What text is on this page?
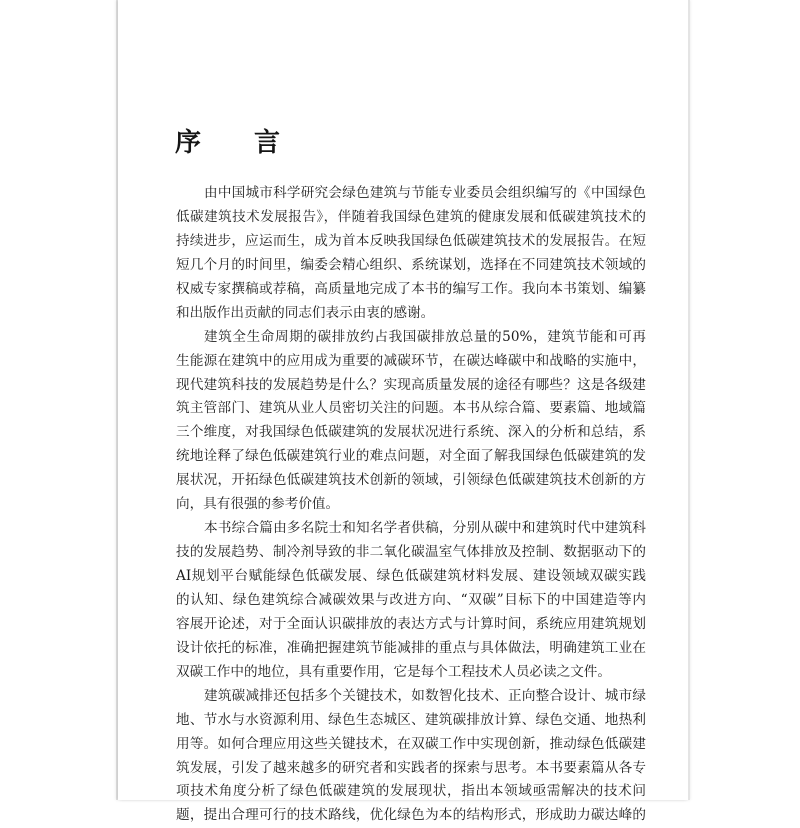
序 言
由中国城市科学研究会绿色建筑与节能专业委员会组织编写的《中国绿色
低碳建筑技术发展报告》，伴随着我国绿色建筑的健康发展和低碳建筑技术的
持续进步，应运而生，成为首本反映我国绿色低碳建筑技术的发展报告。在短
短几个月的时间里，编委会精心组织、系统谋划，选择在不同建筑技术领域的
权威专家撰稿或荐稿，高质量地完成了本书的编写工作。我向本书策划、编纂
和出版作出贡献的同志们表示由衷的感谢。
建筑全生命周期的碳排放约占我国碳排放总量的50%，建筑节能和可再
生能源在建筑中的应用成为重要的减碳环节，在碳达峰碳中和战略的实施中，
现代建筑科技的发展趋势是什么？实现高质量发展的途径有哪些？这是各级建
筑主管部门、建筑从业人员密切关注的问题。本书从综合篇、要素篇、地域篇
三个维度，对我国绿色低碳建筑的发展状况进行系统、深入的分析和总结，系
统地诠释了绿色低碳建筑行业的难点问题，对全面了解我国绿色低碳建筑的发
展状况，开拓绿色低碳建筑技术创新的领域，引领绿色低碳建筑技术创新的方
向，具有很强的参考价值。
本书综合篇由多名院士和知名学者供稿，分别从碳中和建筑时代中建筑科
技的发展趋势、制冷剂导致的非二氧化碳温室气体排放及控制、数据驱动下的
AI规划平台赋能绿色低碳发展、绿色低碳建筑材料发展、建设领域双碳实践
的认知、绿色建筑综合减碳效果与改进方向、“双碳”目标下的中国建造等内
容展开论述，对于全面认识碳排放的表达方式与计算时间，系统应用建筑规划
设计依托的标准，准确把握建筑节能减排的重点与具体做法，明确建筑工业在
双碳工作中的地位，具有重要作用，它是每个工程技术人员必读之文件。
建筑碳减排还包括多个关键技术，如数智化技术、正向整合设计、城市绿
地、节水与水资源利用、绿色生态城区、建筑碳排放计算、绿色交通、地热利
用等。如何合理应用这些关键技术，在双碳工作中实现创新，推动绿色低碳建
筑发展，引发了越来越多的研究者和实践者的探索与思考。本书要素篇从各专
项技术角度分析了绿色低碳建筑的发展现状，指出本领域亟需解决的技术问
题，提出合理可行的技术路线，优化绿色为本的结构形式，形成助力碳达峰的
